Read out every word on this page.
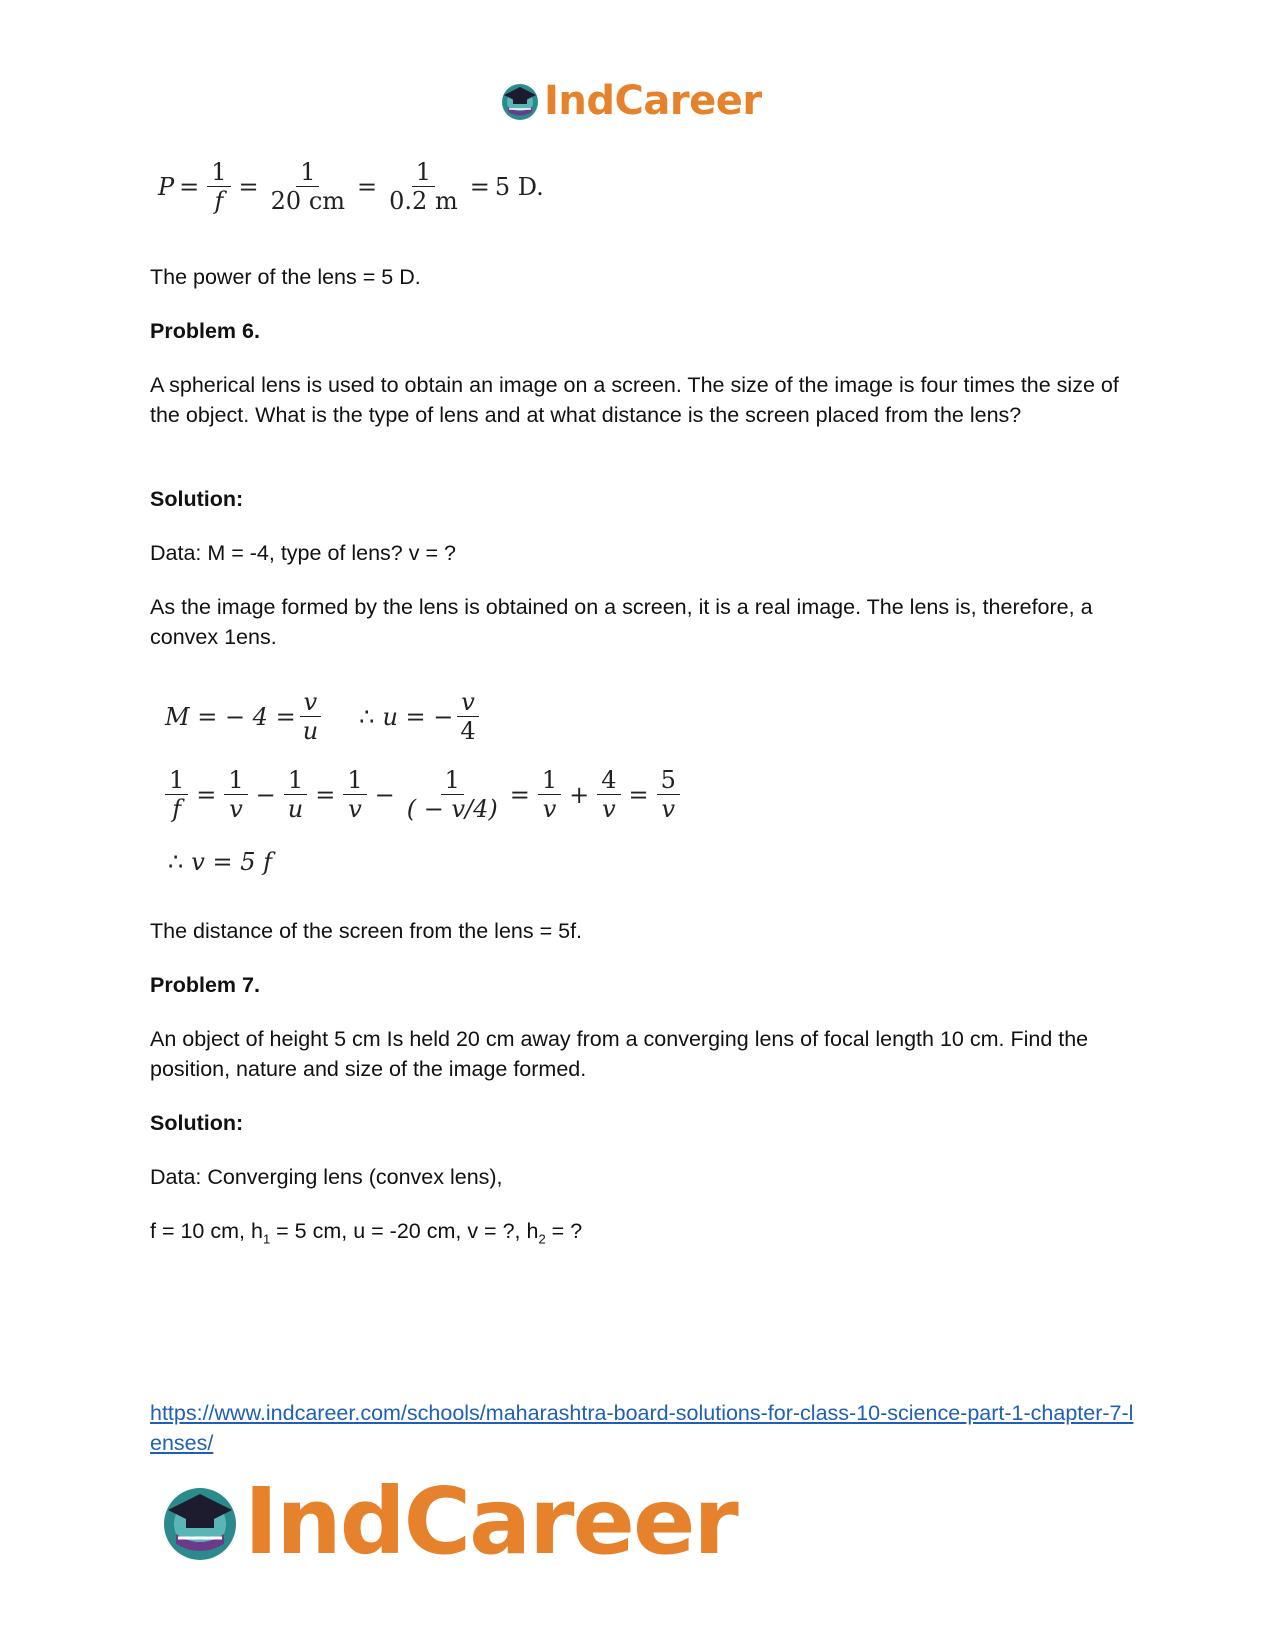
IndCareer
$P = \frac{1}{f} = \frac{1}{20 cm} = \frac{1}{0.2 m} = 5$ D.

The power of the lens = 5 D.

Problem 6.

A spherical lens is used to obtain an image on a screen. The size of the image is four times the size of the object. What is the type of lens and at what distance is the screen placed from the lens?

Solution:

Data: M = -4, type of lens? v = ?

As the image formed by the lens is obtained on a screen, it is a real image. The lens is, therefore, a convex 1ens.

M = − $4 = \frac{v}{u}$ ∴ u = − $\frac{v}{4}$
$\frac{1}{f} = \frac{1}{v} - \frac{1}{u} = \frac{1}{v} - \frac{1}{( - v/4)} = \frac{1}{v} + \frac{4}{v} = \frac{5}{v}$
∴ v = 5 f

The distance of the screen from the lens = 5f.

Problem 7.

An object of height 5 cm Is held 20 cm away from a converging lens of focal length 10 cm. Find the position, nature and size of the image formed.

Solution:

Data: Converging lens (convex lens),

f = 10 cm, $h_1 = 5$ cm, u = -20 cm, v = ?, $h_2$ = ?

https://www.indcareer.com/schools/maharashtra-board-solutions-for-class-10-science-part-1-chapter-7-lenses/

IndCareer
